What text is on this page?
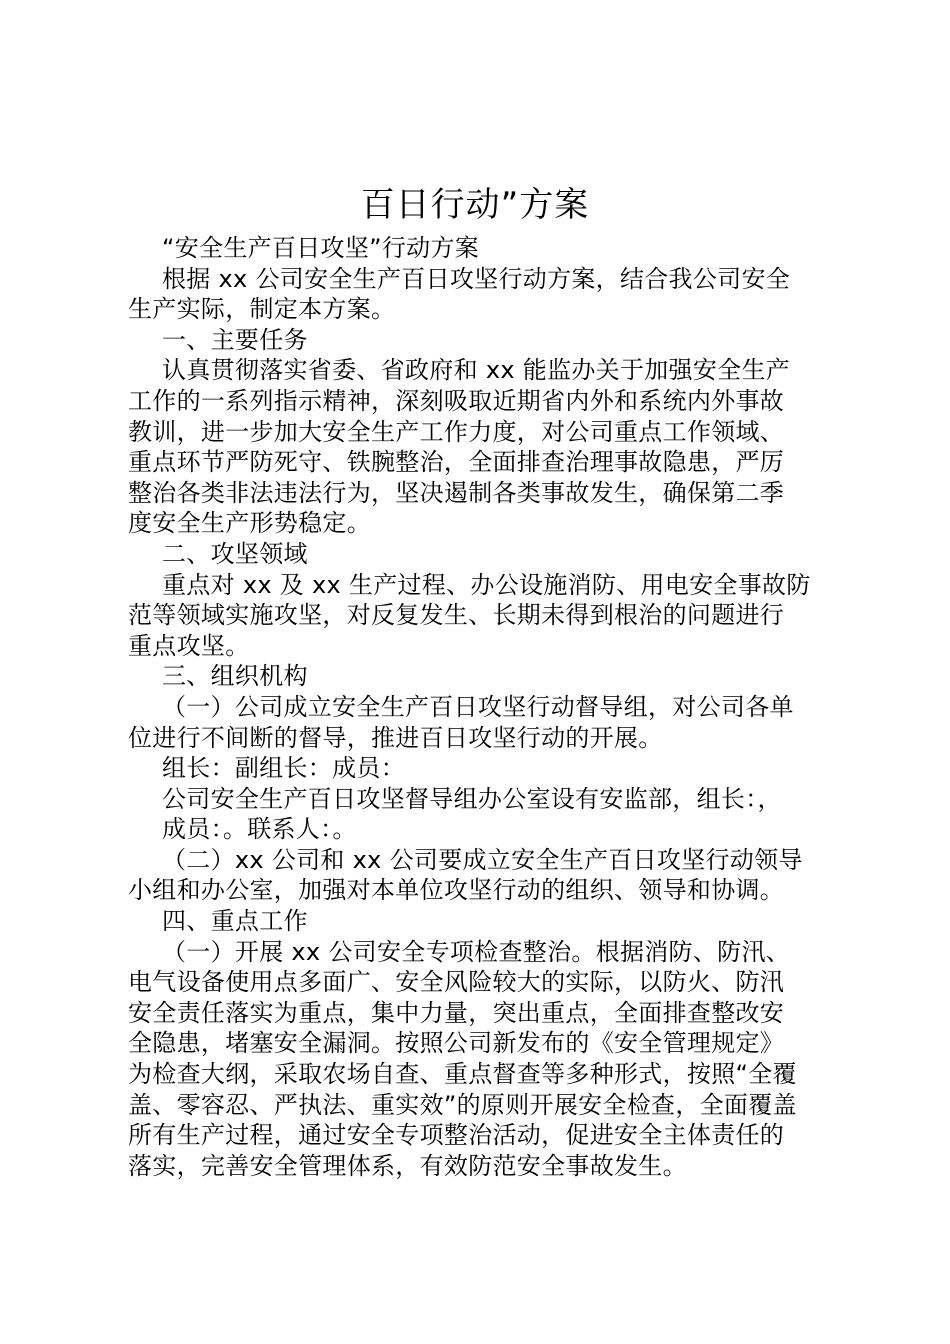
百日行动”方案
“安全生产百日攻坚”行动方案
根据 xx 公司安全生产百日攻坚行动方案，结合我公司安全
生产实际，制定本方案。
一、主要任务
认真贯彻落实省委、省政府和 xx 能监办关于加强安全生产
工作的一系列指示精神，深刻吸取近期省内外和系统内外事故
教训，进一步加大安全生产工作力度，对公司重点工作领域、
重点环节严防死守、铁腕整治，全面排查治理事故隐患，严厉
整治各类非法违法行为，坚决遏制各类事故发生，确保第二季
度安全生产形势稳定。
二、攻坚领域
重点对 xx 及 xx 生产过程、办公设施消防、用电安全事故防
范等领域实施攻坚，对反复发生、长期未得到根治的问题进行
重点攻坚。
三、组织机构
（一）公司成立安全生产百日攻坚行动督导组，对公司各单
位进行不间断的督导，推进百日攻坚行动的开展。
组长：副组长：成员：
公司安全生产百日攻坚督导组办公室设有安监部，组长：，
成员：。联系人：。
（二）xx 公司和 xx 公司要成立安全生产百日攻坚行动领导
小组和办公室，加强对本单位攻坚行动的组织、领导和协调。
四、重点工作
（一）开展 xx 公司安全专项检查整治。根据消防、防汛、
电气设备使用点多面广、安全风险较大的实际，以防火、防汛
安全责任落实为重点，集中力量，突出重点，全面排查整改安
全隐患，堵塞安全漏洞。按照公司新发布的《安全管理规定》
为检查大纲，采取农场自查、重点督查等多种形式，按照“全覆
盖、零容忍、严执法、重实效”的原则开展安全检查，全面覆盖
所有生产过程，通过安全专项整治活动，促进安全主体责任的
落实，完善安全管理体系，有效防范安全事故发生。
